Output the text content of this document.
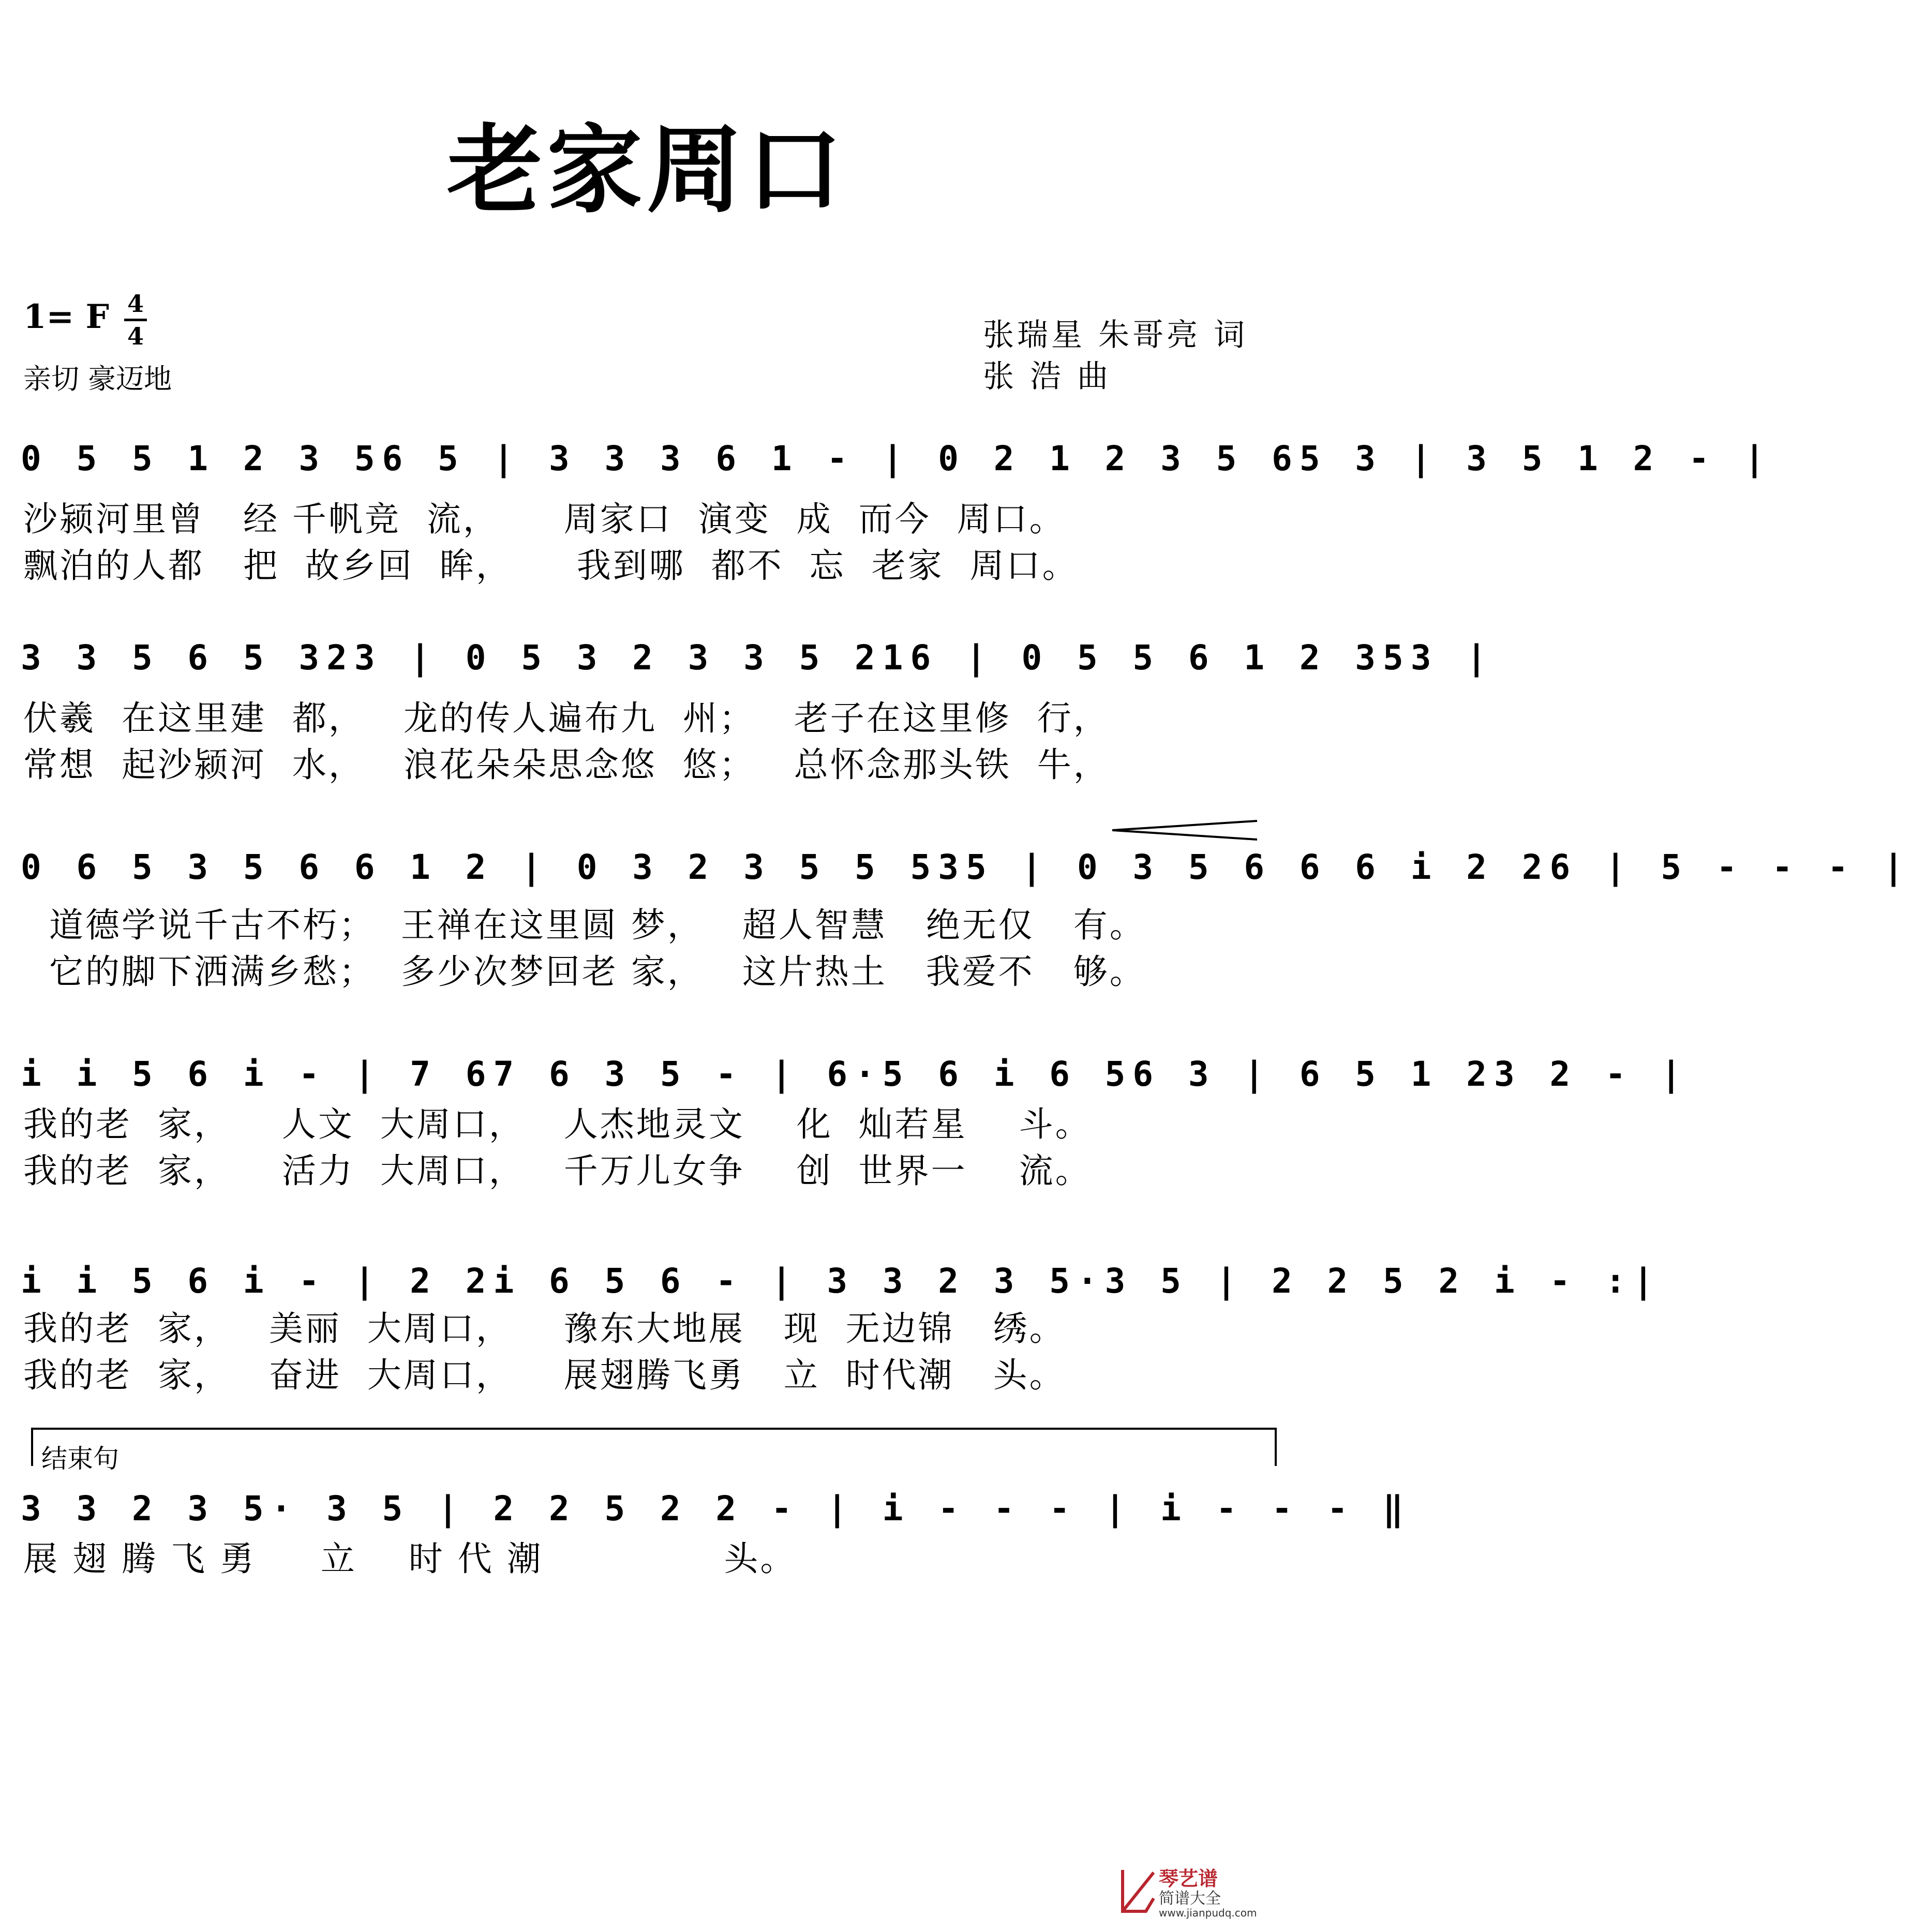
老家周口
1= F 4
4
亲切 豪迈地
张瑞星 朱哥亮 词
张 浩 曲
0 5 5 1 2 3 56 5 | 3 3 3 6 1 - | 0 2 1 2 3 5 65 3 | 3 5 1 2 - |
沙颍河里曾   经 千帆竞  流，     周家口  演变  成  而今  周口。
飘泊的人都   把  故乡回  眸，     我到哪  都不  忘  老家  周口。
3 3 5 6 5 323 | 0 5 3 2 3 3 5 216 | 0 5 5 6 1 2 353 |
伏羲  在这里建  都，   龙的传人遍布九  州；   老子在这里修  行，
常想  起沙颍河  水，   浪花朵朵思念悠  悠；   总怀念那头铁  牛，
0 6 5 3 5 6 6 1 2 | 0 3 2 3 5 5 535 | 0 3 5 6 6 6 i 2 26 | 5 - - - |
道德学说千古不朽；  王禅在这里圆 梦，   超人智慧   绝无仅   有。
它的脚下洒满乡愁；  多少次梦回老 家，   这片热土   我爱不   够。
i i 5 6 i - | 7 67 6 3 5 - | 6·5 6 i 6 56 3 | 6 5 1 23 2 - |
我的老  家，    人文  大周口，   人杰地灵文    化  灿若星    斗。
我的老  家，    活力  大周口，   千万儿女争    创  世界一    流。
i i 5 6 i - | 2 2i 6 5 6 - | 3 3 2 3 5·3 5 | 2 2 5 2 i - :|
我的老  家，   美丽  大周口，    豫东大地展   现  无边锦   绣。
我的老  家，   奋进  大周口，    展翅腾飞勇   立  时代潮   头。
结束句
3 3 2 3 5· 3 5 | 2 2 5 2 2 - | i - - - | i - - - ‖
展 翅 腾 飞 勇     立    时 代 潮              头。
琴艺谱
简谱大全
www.jianpudq.com
